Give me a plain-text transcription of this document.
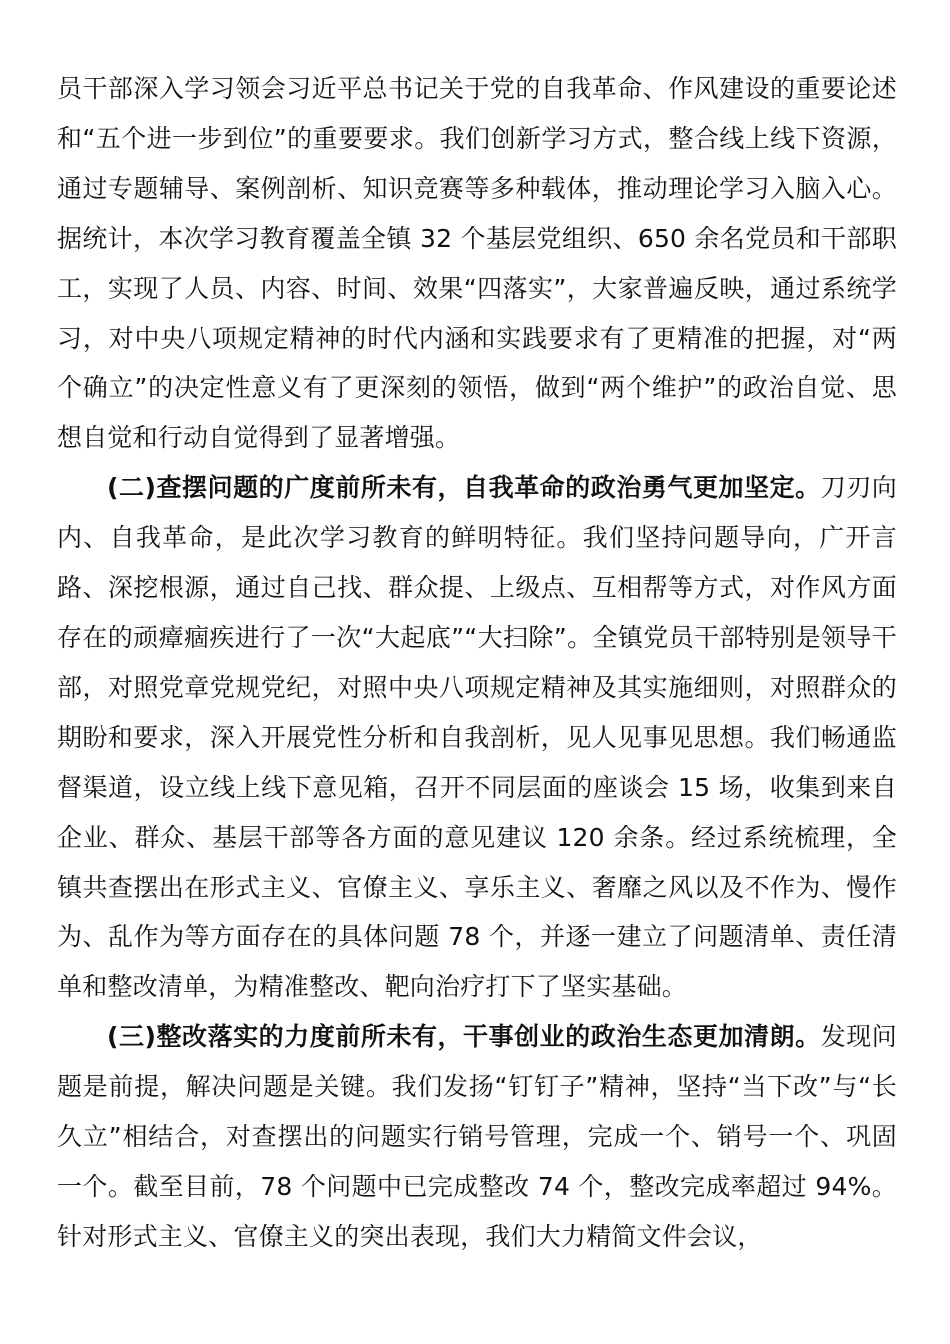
员干部深入学习领会习近平总书记关于党的自我革命、作风建设的重要论述和“五个进一步到位”的重要要求。我们创新学习方式，整合线上线下资源，通过专题辅导、案例剖析、知识竞赛等多种载体，推动理论学习入脑入心。据统计，本次学习教育覆盖全镇 32 个基层党组织、650 余名党员和干部职工，实现了人员、内容、时间、效果“四落实”，大家普遍反映，通过系统学习，对中央八项规定精神的时代内涵和实践要求有了更精准的把握，对“两个确立”的决定性意义有了更深刻的领悟，做到“两个维护”的政治自觉、思想自觉和行动自觉得到了显著增强。

(二)查摆问题的广度前所未有，自我革命的政治勇气更加坚定。刀刃向内、自我革命，是此次学习教育的鲜明特征。我们坚持问题导向，广开言路、深挖根源，通过自己找、群众提、上级点、互相帮等方式，对作风方面存在的顽瘴痼疾进行了一次“大起底”“大扫除”。全镇党员干部特别是领导干部，对照党章党规党纪，对照中央八项规定精神及其实施细则，对照群众的期盼和要求，深入开展党性分析和自我剖析，见人见事见思想。我们畅通监督渠道，设立线上线下意见箱，召开不同层面的座谈会 15 场，收集到来自企业、群众、基层干部等各方面的意见建议 120 余条。经过系统梳理，全镇共查摆出在形式主义、官僚主义、享乐主义、奢靡之风以及不作为、慢作为、乱作为等方面存在的具体问题 78 个，并逐一建立了问题清单、责任清单和整改清单，为精准整改、靶向治疗打下了坚实基础。

(三)整改落实的力度前所未有，干事创业的政治生态更加清朗。发现问题是前提，解决问题是关键。我们发扬“钉钉子”精神，坚持“当下改”与“长久立”相结合，对查摆出的问题实行销号管理，完成一个、销号一个、巩固一个。截至目前，78 个问题中已完成整改 74 个，整改完成率超过 94%。针对形式主义、官僚主义的突出表现，我们大力精简文件会议，
